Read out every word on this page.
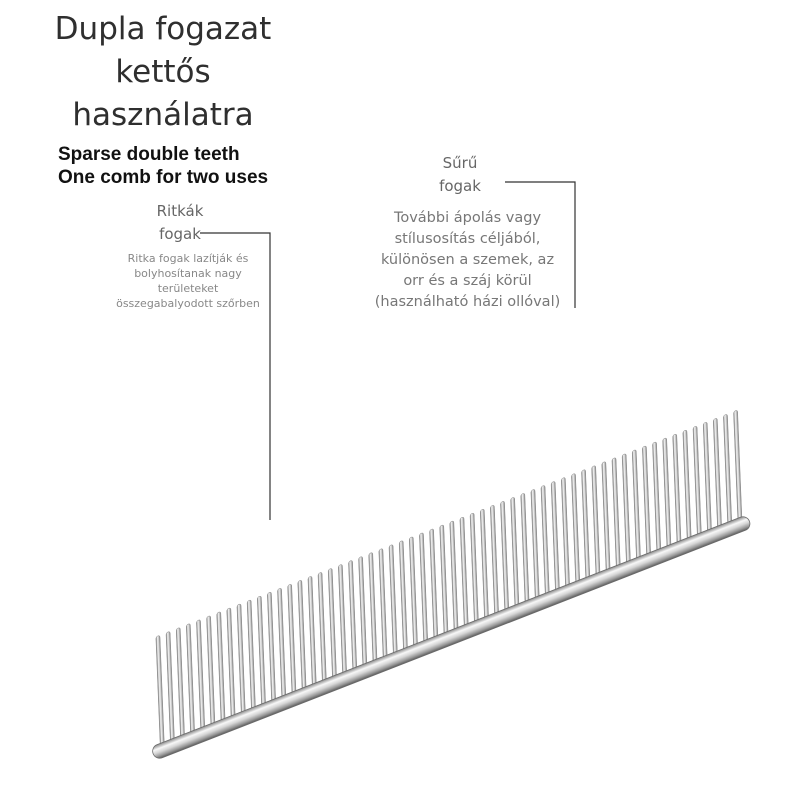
Dupla fogazat
kettős
használatra
Sparse double teeth
One comb for two uses
Ritkák
fogak
Ritka fogak lazítják és
bolyhosítanak nagy
területeket
összegabalyodott szőrben
Sűrű
fogak
További ápolás vagy
stílusosítás céljából,
különösen a szemek, az
orr és a száj körül
(használható házi ollóval)
